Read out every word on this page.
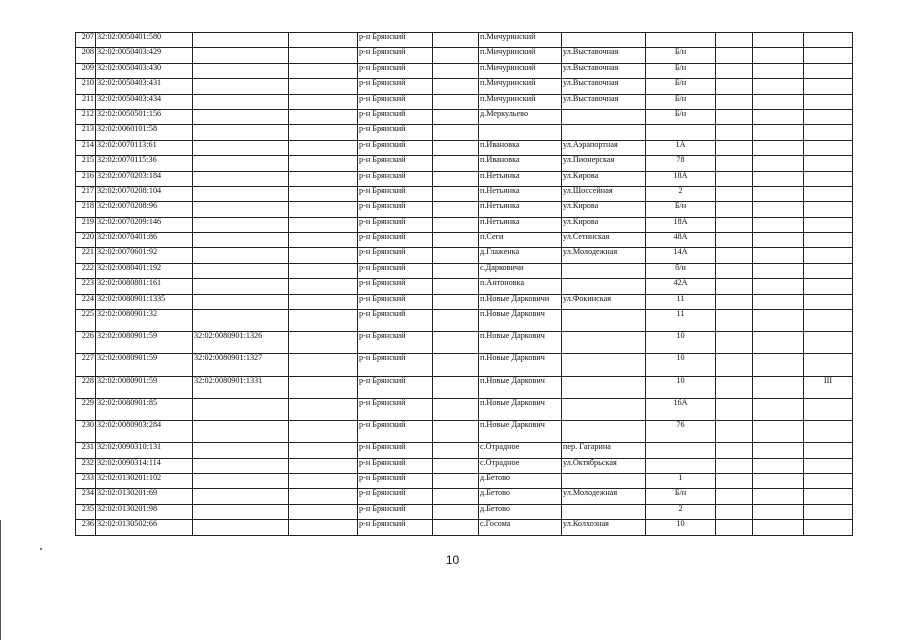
207	32:02:0050401:580			р-н Брянский		п.Мичуринский					
208	32:02:0050403:429			р-н Брянский		п.Мичуринский	ул.Выставочная	Б/н			
209	32:02:0050403:430			р-н Брянский		п.Мичуринский	ул.Выставочная	Б/н			
210	32:02:0050403:431			р-н Брянский		п.Мичуринский	ул.Выставочная	Б/н			
211	32:02:0050403:434			р-н Брянский		п.Мичуринский	ул.Выставочная	Б/н			
212	32:02:0050501:156			р-н Брянский		д.Меркульево		Б/н			
213	32:02:0060101:58			р-н Брянский							
214	32:02:0070113:61			р-н Брянский		п.Ивановка	ул.Аэрапортная	1А			
215	32:02:0070115:36			р-н Брянский		п.Ивановка	ул.Пионерская	78			
216	32:02:0070203:184			р-н Брянский		п.Нетьинка	ул.Кирова	18А			
217	32:02:0070208:104			р-н Брянский		п.Нетьинка	ул.Шоссейная	2			
218	32:02:0070208:96			р-н Брянский		п.Нетьинка	ул.Кирова	Б/н			
219	32:02:0070209:146			р-н Брянский		п.Нетьинка	ул.Кирова	18А			
220	32:02:0070401:86			р-н Брянский		п.Сеги	ул.Сетинская	48А			
221	32:02:0070601:92			р-н Брянский		д.Глаженка	ул.Молодежная	14А			
222	32:02:0080401:192			р-н Брянский		с.Дарковичи		б/н			
223	32:02:0080801:161			р-н Брянский		п.Антоновка		42А			
224	32:02:0080901:1335			р-н Брянский		п.Новые Дарковичи	ул.Фокинская	11			
225	32:02:0080901:32			р-н Брянский		п.Новые Даркович		11			
226	32:02:0080901:59	32:02:0080901:1326		р-н Брянский		п.Новые Даркович		10			
227	32:02:0080901:59	32:02:0080901:1327		р-н Брянский		п.Новые Даркович		10			
228	32:02:0080901:59	32:02:0080901:1331		р-н Брянский		п.Новые Даркович		10			III
229	32:02:0080901:85			р-н Брянский		п.Новые Даркович		16А			
230	32:02:0080903:284			р-н Брянский		п.Новые Даркович		76			
231	32:02:0090310:131			р-н Брянский		с.Отрадное	пер. Гагарина				
232	32:02:0090314:114			р-н Брянский		с.Отрадное	ул.Октябрьская				
233	32:02:0130201:102			р-н Брянский		д.Бетово		1			
234	32:02:0130201:69			р-н Брянский		д.Бетово	ул.Молодежная	Б/н			
235	32:02:0130201:98			р-н Брянский		д.Бетово		2			
236	32:02:0130502:66			р-н Брянский		с.Госома	ул.Колхозная	10			
10
